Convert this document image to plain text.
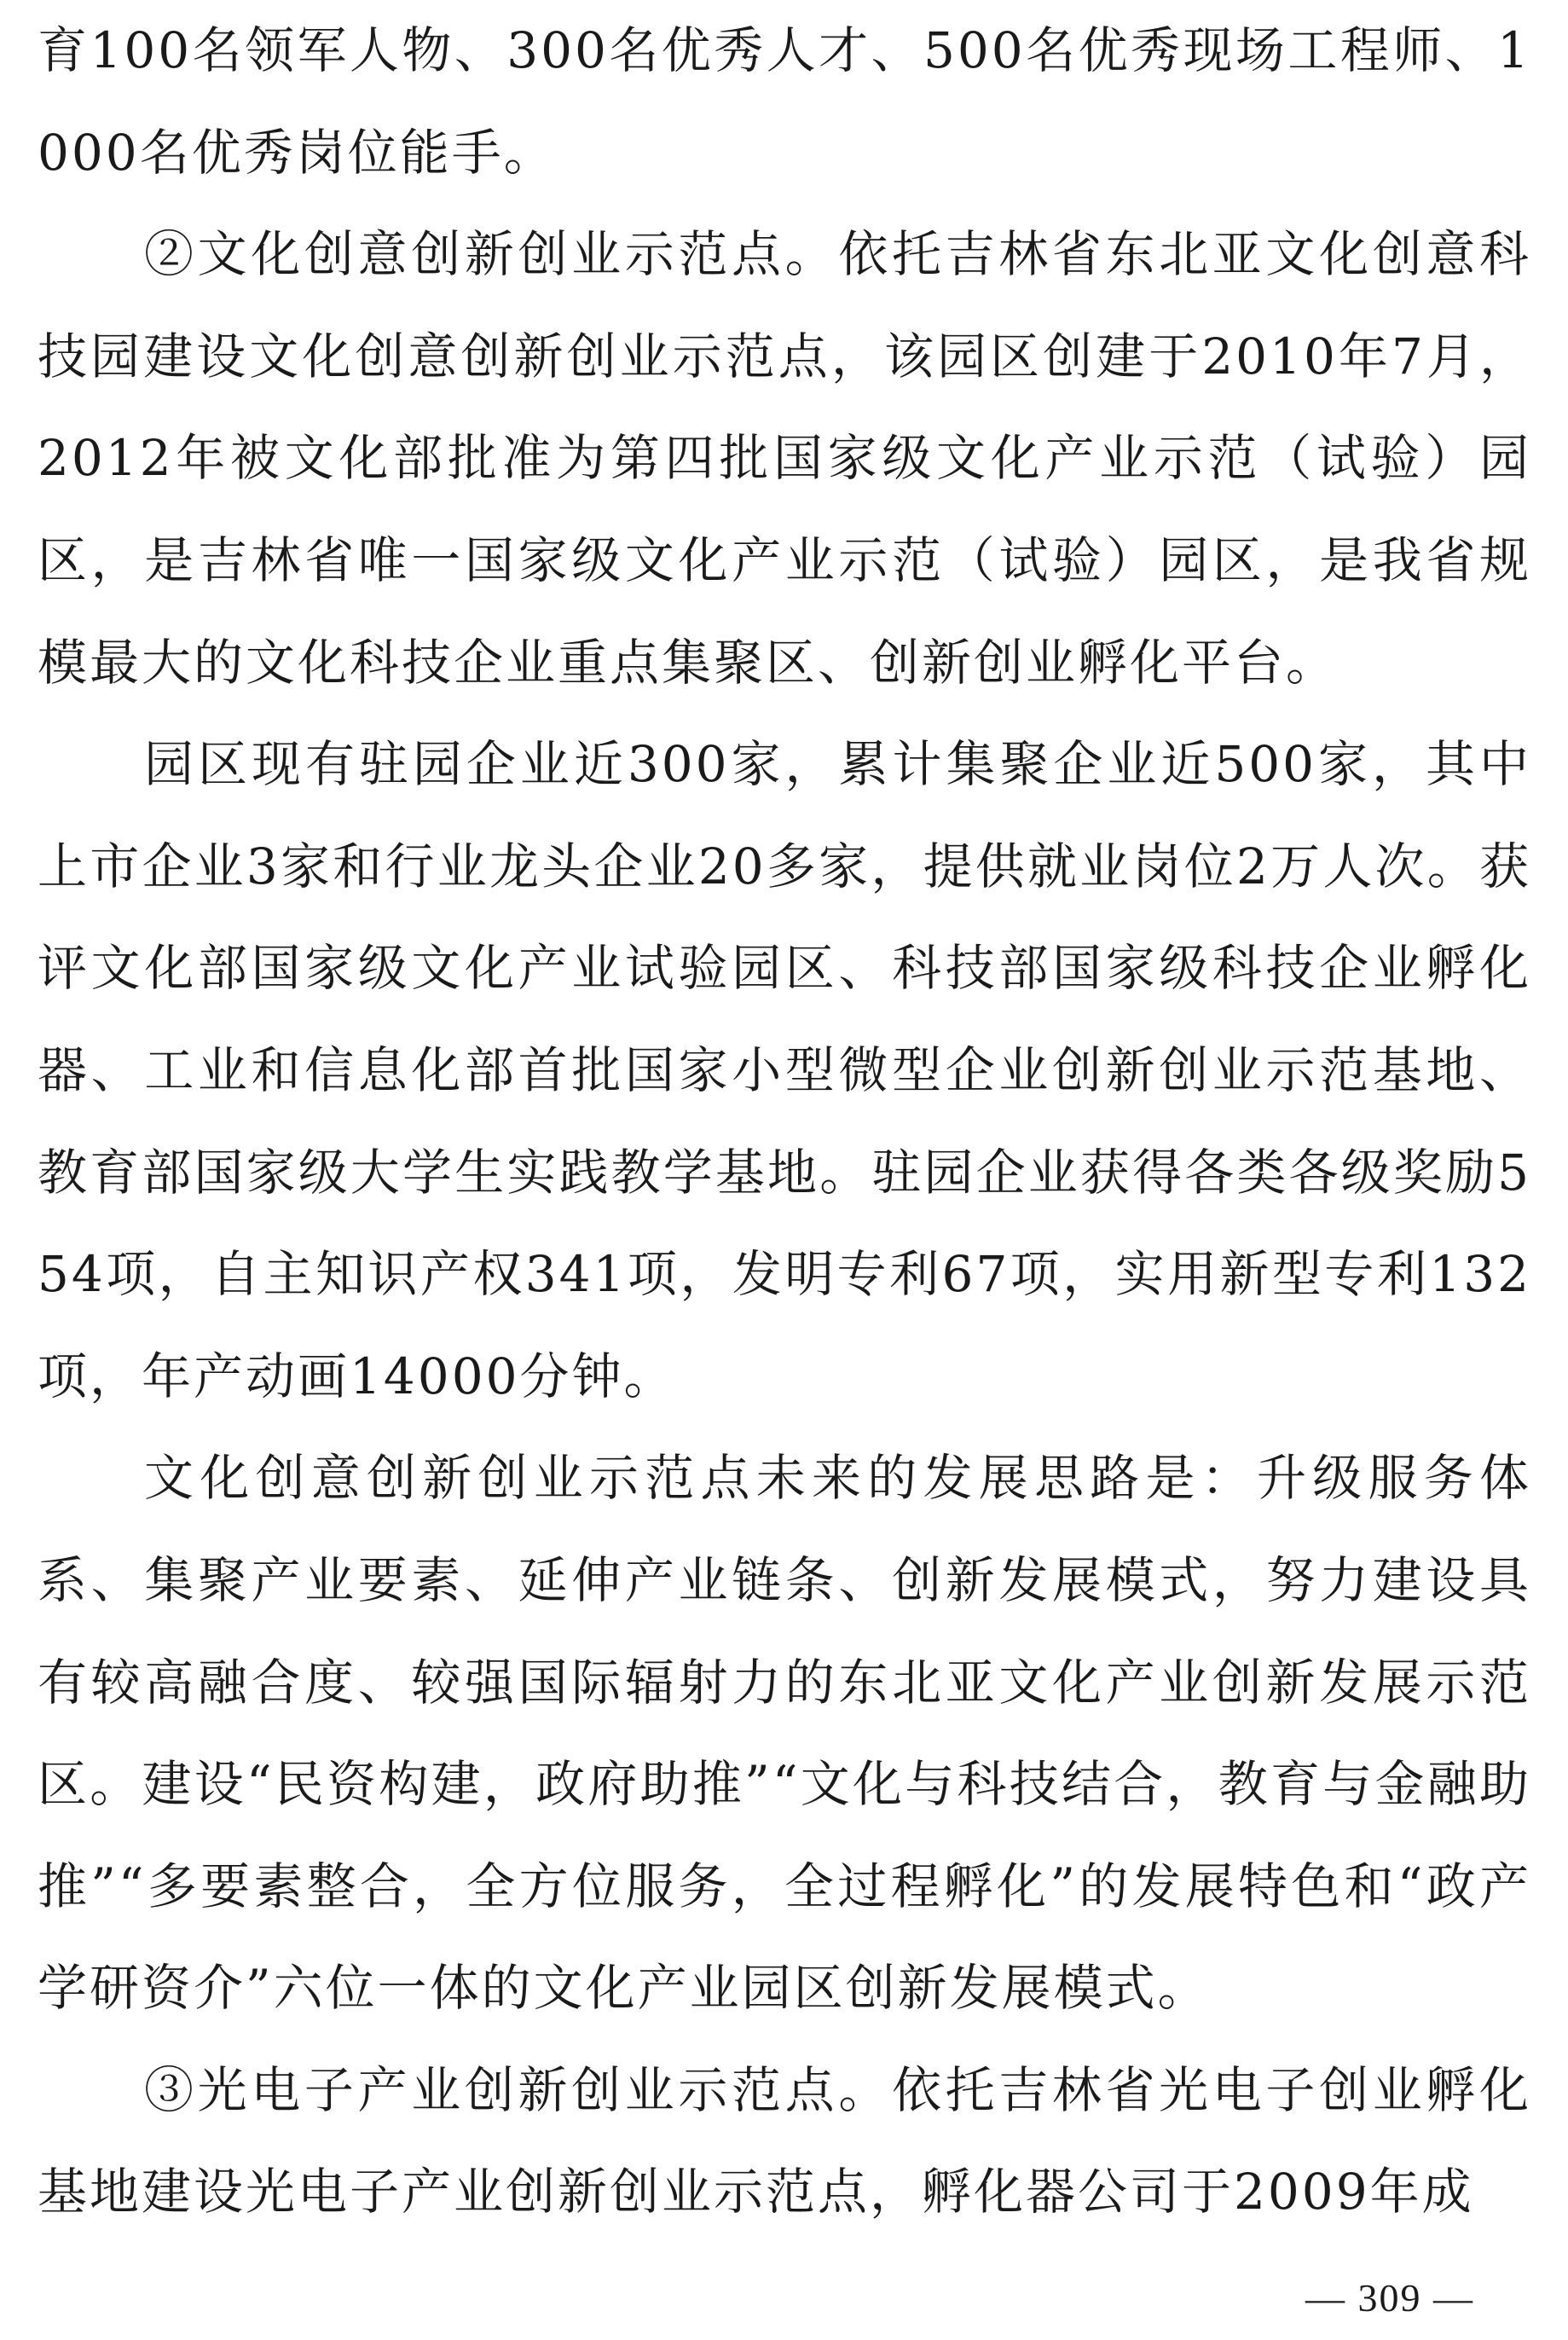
育100名领军人物、300名优秀人才、500名优秀现场工程师、1000名优秀岗位能手。

②文化创意创新创业示范点。依托吉林省东北亚文化创意科技园建设文化创意创新创业示范点，该园区创建于2010年7月，2012年被文化部批准为第四批国家级文化产业示范（试验）园区，是吉林省唯一国家级文化产业示范（试验）园区，是我省规模最大的文化科技企业重点集聚区、创新创业孵化平台。

园区现有驻园企业近300家，累计集聚企业近500家，其中上市企业3家和行业龙头企业20多家，提供就业岗位2万人次。获评文化部国家级文化产业试验园区、科技部国家级科技企业孵化器、工业和信息化部首批国家小型微型企业创新创业示范基地、教育部国家级大学生实践教学基地。驻园企业获得各类各级奖励554项，自主知识产权341项，发明专利67项，实用新型专利132项，年产动画14000分钟。

文化创意创新创业示范点未来的发展思路是：升级服务体系、集聚产业要素、延伸产业链条、创新发展模式，努力建设具有较高融合度、较强国际辐射力的东北亚文化产业创新发展示范区。建设“民资构建，政府助推”“文化与科技结合，教育与金融助推”“多要素整合，全方位服务，全过程孵化”的发展特色和“政产学研资介”六位一体的文化产业园区创新发展模式。

③光电子产业创新创业示范点。依托吉林省光电子创业孵化基地建设光电子产业创新创业示范点，孵化器公司于2009年成

— 309 —
